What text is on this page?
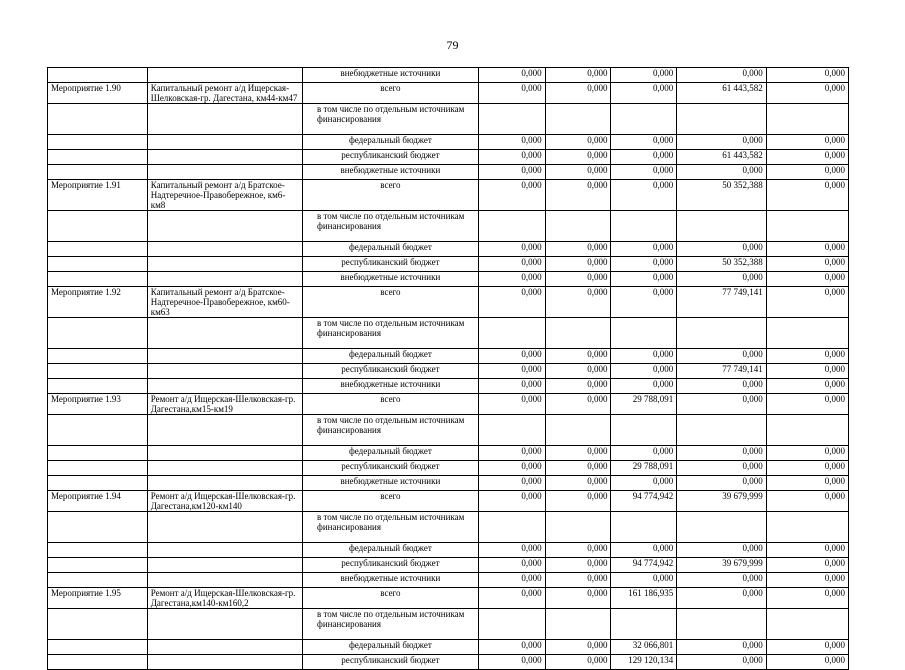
79
		внебюджетные источники	0,000	0,000	0,000	0,000	0,000
Мероприятие 1.90	Капитальный ремонт а/д Ищерская-Шелковская-гр. Дагестана, км44-км47	всего	0,000	0,000	0,000	61 443,582	0,000
		в том числе по отдельным источникам финансирования					
		федеральный бюджет	0,000	0,000	0,000	0,000	0,000
		республиканский бюджет	0,000	0,000	0,000	61 443,582	0,000
		внебюджетные источники	0,000	0,000	0,000	0,000	0,000
Мероприятие 1.91	Капитальный ремонт а/д Братское-Надтеречное-Правобережное, км6-км8	всего	0,000	0,000	0,000	50 352,388	0,000
		в том числе по отдельным источникам финансирования					
		федеральный бюджет	0,000	0,000	0,000	0,000	0,000
		республиканский бюджет	0,000	0,000	0,000	50 352,388	0,000
		внебюджетные источники	0,000	0,000	0,000	0,000	0,000
Мероприятие 1.92	Капитальный ремонт а/д Братское-Надтеречное-Правобережное, км60-км63	всего	0,000	0,000	0,000	77 749,141	0,000
		в том числе по отдельным источникам финансирования					
		федеральный бюджет	0,000	0,000	0,000	0,000	0,000
		республиканский бюджет	0,000	0,000	0,000	77 749,141	0,000
		внебюджетные источники	0,000	0,000	0,000	0,000	0,000
Мероприятие 1.93	Ремонт а/д Ищерская-Шелковская-гр. Дагестана,км15-км19	всего	0,000	0,000	29 788,091	0,000	0,000
		в том числе по отдельным источникам финансирования					
		федеральный бюджет	0,000	0,000	0,000	0,000	0,000
		республиканский бюджет	0,000	0,000	29 788,091	0,000	0,000
		внебюджетные источники	0,000	0,000	0,000	0,000	0,000
Мероприятие 1.94	Ремонт а/д Ищерская-Шелковская-гр. Дагестана,км120-км140	всего	0,000	0,000	94 774,942	39 679,999	0,000
		в том числе по отдельным источникам финансирования					
		федеральный бюджет	0,000	0,000	0,000	0,000	0,000
		республиканский бюджет	0,000	0,000	94 774,942	39 679,999	0,000
		внебюджетные источники	0,000	0,000	0,000	0,000	0,000
Мероприятие 1.95	Ремонт а/д Ищерская-Шелковская-гр. Дагестана,км140-км160,2	всего	0,000	0,000	161 186,935	0,000	0,000
		в том числе по отдельным источникам финансирования					
		федеральный бюджет	0,000	0,000	32 066,801	0,000	0,000
		республиканский бюджет	0,000	0,000	129 120,134	0,000	0,000
